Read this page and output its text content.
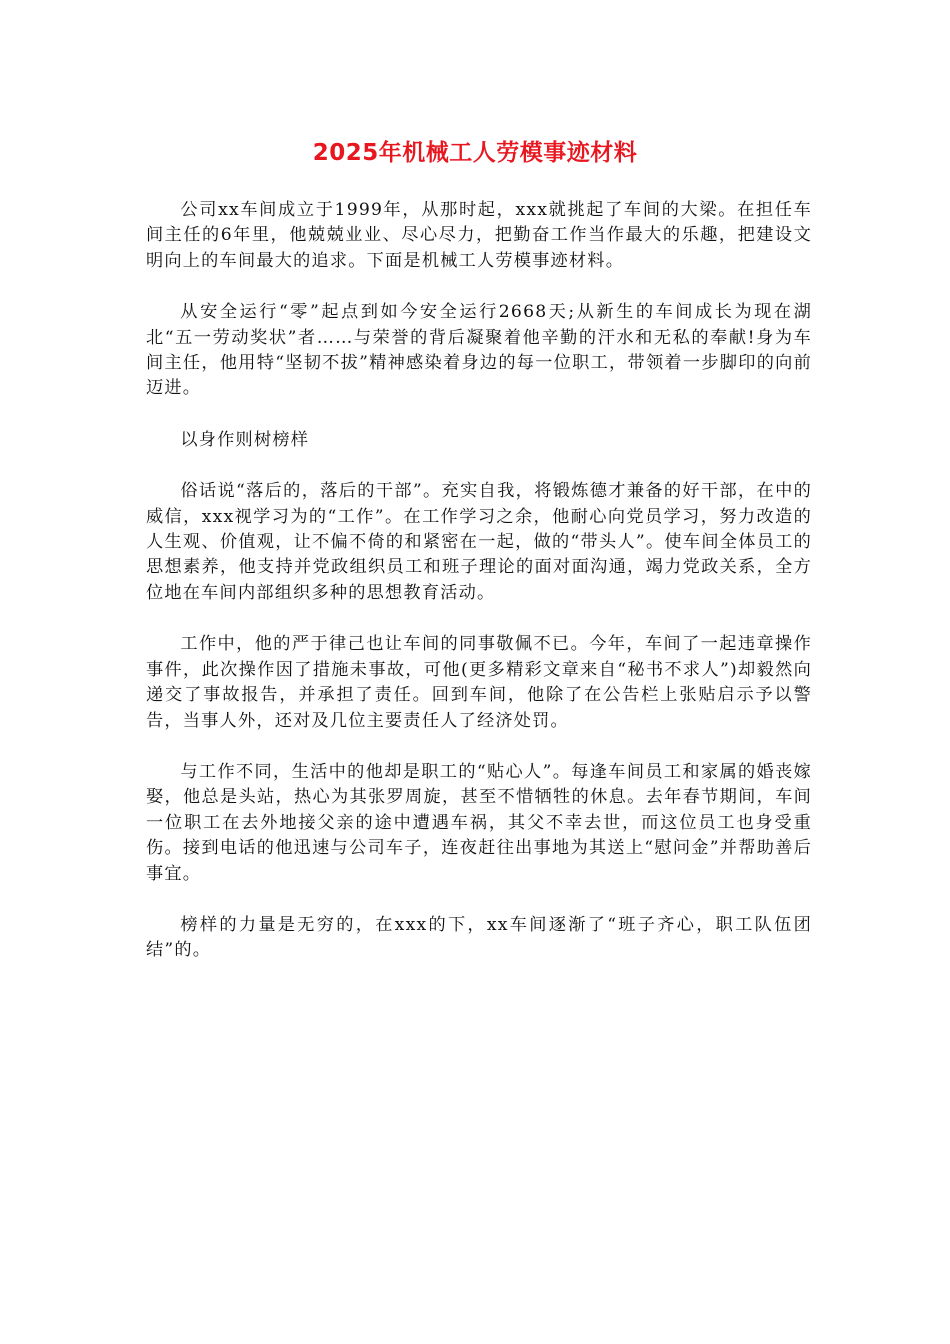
2025年机械工人劳模事迹材料

公司xx车间成立于1999年，从那时起，xxx就挑起了车间的大梁。在担任车间主任的6年里，他兢兢业业、尽心尽力，把勤奋工作当作最大的乐趣，把建设文明向上的车间最大的追求。下面是机械工人劳模事迹材料。

从安全运行“零”起点到如今安全运行2668天;从新生的车间成长为现在湖北“五一劳动奖状”者……与荣誉的背后凝聚着他辛勤的汗水和无私的奉献!身为车间主任，他用特“坚韧不拔”精神感染着身边的每一位职工，带领着一步脚印的向前迈进。

以身作则树榜样

俗话说“落后的，落后的干部”。充实自我，将锻炼德才兼备的好干部，在中的威信，xxx视学习为的“工作”。在工作学习之余，他耐心向党员学习，努力改造的人生观、价值观，让不偏不倚的和紧密在一起，做的“带头人”。使车间全体员工的思想素养，他支持并党政组织员工和班子理论的面对面沟通，竭力党政关系，全方位地在车间内部组织多种的思想教育活动。

工作中，他的严于律己也让车间的同事敬佩不已。今年，车间了一起违章操作事件，此次操作因了措施未事故，可他(更多精彩文章来自“秘书不求人”)却毅然向递交了事故报告，并承担了责任。回到车间，他除了在公告栏上张贴启示予以警告，当事人外，还对及几位主要责任人了经济处罚。

与工作不同，生活中的他却是职工的“贴心人”。每逢车间员工和家属的婚丧嫁娶，他总是头站，热心为其张罗周旋，甚至不惜牺牲的休息。去年春节期间，车间一位职工在去外地接父亲的途中遭遇车祸，其父不幸去世，而这位员工也身受重伤。接到电话的他迅速与公司车子，连夜赶往出事地为其送上“慰问金”并帮助善后事宜。

榜样的力量是无穷的，在xxx的下，xx车间逐渐了“班子齐心，职工队伍团结”的。
